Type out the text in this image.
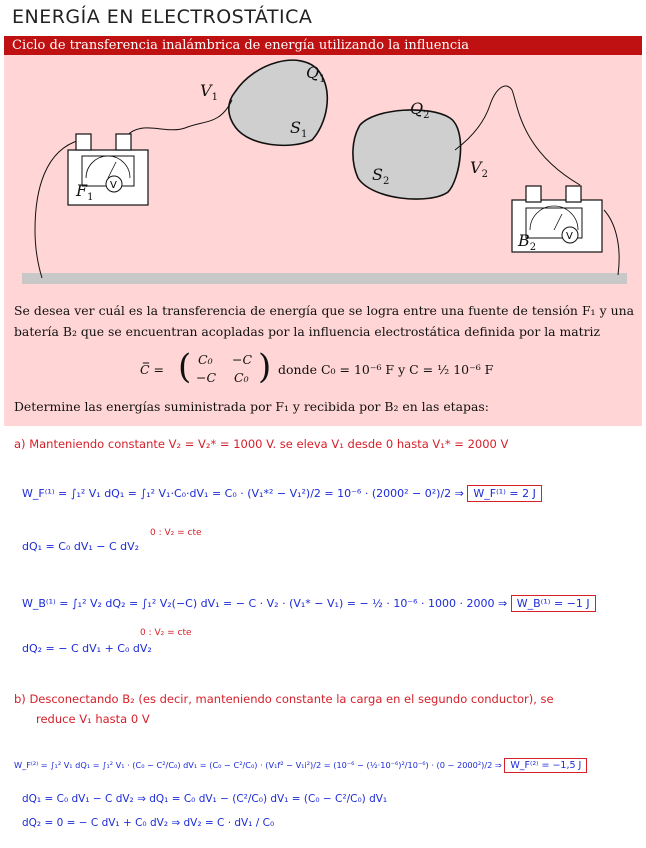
ENERGÍA EN ELECTROSTÁTICA
Ciclo de transferencia inalámbrica de energía utilizando la influencia
$V_1$
$Q_1$
$S_1$
$Q_2$
$S_2$
$V_2$
$F_1$
$B_2$
V
V
Se desea ver cuál es la transferencia de energía que se logra entre una fuente de tensión F₁ y una batería B₂ que se encuentran acopladas por la influencia electrostática definida por la matriz
C̿ = ( C₀ −C
−C C₀ ) donde C₀ = 10⁻⁶ F y C = ½ 10⁻⁶ F
Determine las energías suministrada por F₁ y recibida por B₂ en las etapas:
a) Manteniendo constante V₂ = V₂* = 1000 V. se eleva V₁ desde 0 hasta V₁* = 2000 V
W_F⁽¹⁾ = ∫₁² V₁ dQ₁ = ∫₁² V₁·C₀·dV₁ = C₀ · (V₁*² − V₁²)/2 = 10⁻⁶ · (2000² − 0²)/2 ⇒ W_F⁽¹⁾ = 2 J
dQ₁ = C₀ dV₁ − C dV₂
0 : V₂ = cte
W_B⁽¹⁾ = ∫₁² V₂ dQ₂ = ∫₁² V₂(−C) dV₁ = − C · V₂ · (V₁* − V₁) = − ½ · 10⁻⁶ · 1000 · 2000 ⇒ W_B⁽¹⁾ = −1 J
dQ₂ = − C dV₁ + C₀ dV₂
0 : V₂ = cte
b) Desconectando B₂ (es decir, manteniendo constante la carga en el segundo conductor), se
reduce V₁ hasta 0 V
W_F⁽²⁾ = ∫₁² V₁ dQ₁ = ∫₁² V₁ · (C₀ − C²/C₀) dV₁ = (C₀ − C²/C₀) · (V₁f² − V₁i²)/2 = (10⁻⁶ − (½·10⁻⁶)²/10⁻⁶) · (0 − 2000²)/2 ⇒ W_F⁽²⁾ = −1,5 J
dQ₁ = C₀ dV₁ − C dV₂ ⇒ dQ₁ = C₀ dV₁ − (C²/C₀) dV₁ = (C₀ − C²/C₀) dV₁
dQ₂ = 0 = − C dV₁ + C₀ dV₂ ⇒ dV₂ = C · dV₁ / C₀
